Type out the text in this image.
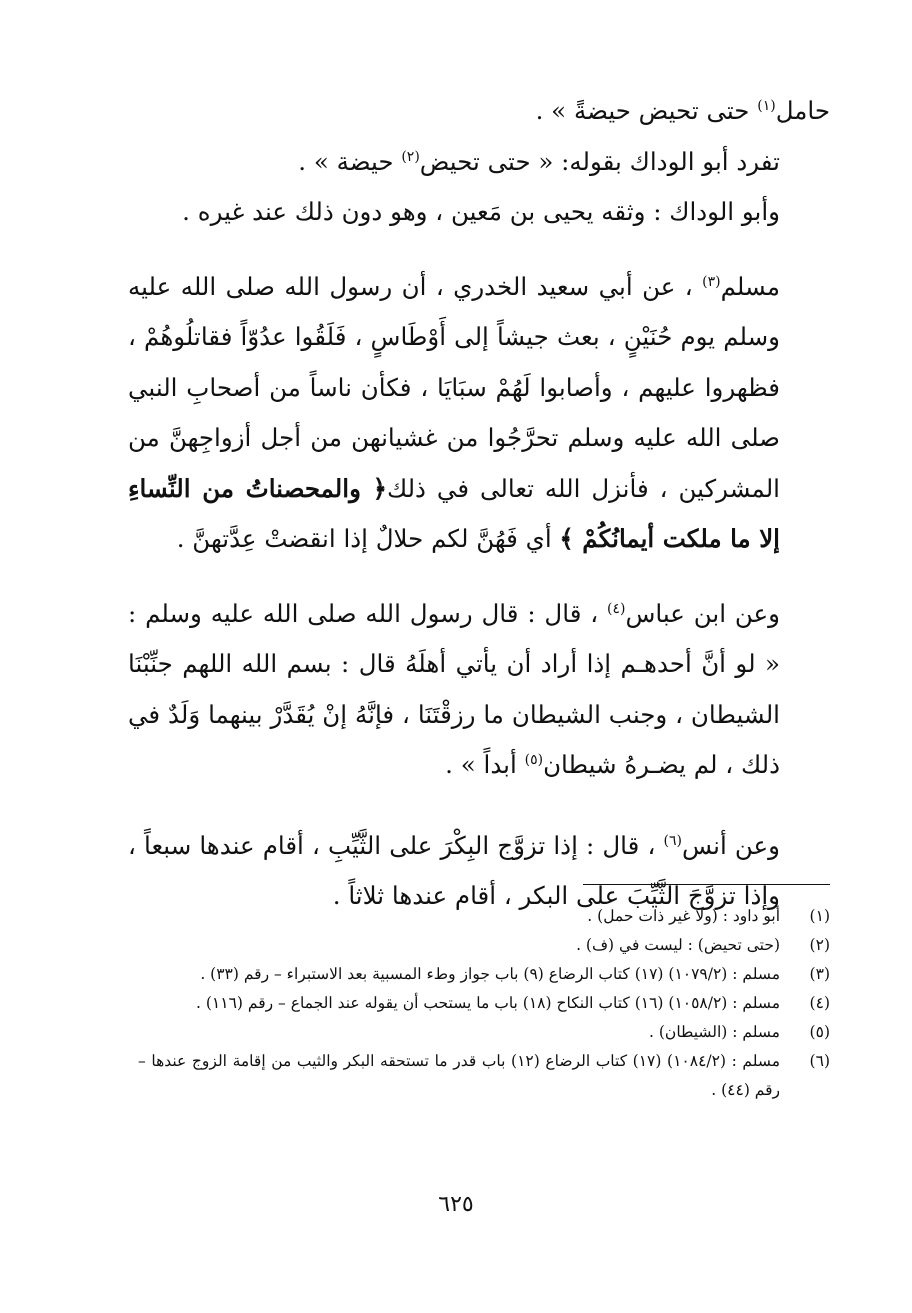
حامل$^{(١)}$ حتى تحيض حيضةً » .

تفرد أبو الوداك بقوله: « حتى تحيض$^{(٢)}$ حيضة » .

وأبو الوداك : وثقه يحيى بن مَعين ، وهو دون ذلك عند غيره .

مسلم$^{(٣)}$ ، عن أبي سعيد الخدري ، أن رسول الله صلى الله عليه وسلم يوم حُنَيْنٍ ، بعث جيشاً إلى أَوْطَاسٍ ، فَلَقُوا عدُوّاً فقاتلُوهُمْ ، فظهروا عليهم ، وأصابوا لَهُمْ سبَايَا ، فكأن ناساً من أصحابِ النبي صلى الله عليه وسلم تحرَّجُوا من غشيانهن من أجل أزواجِهنَّ من المشركين ، فأنزل الله تعالى في ذلك﴿ والمحصناتُ من النِّساءِ إلا ما ملكت أيمانُكُمْ ﴾ أي فَهُنَّ لكم حلالٌ إذا انقضتْ عِدَّتهنَّ .

وعن ابن عباس$^{(٤)}$ ، قال : قال رسول الله صلى الله عليه وسلم : « لو أنَّ أحدهـم إذا أراد أن يأتي أهلَهُ قال : بسم الله اللهم جنِّبْنَا الشيطان ، وجنب الشيطان ما رزقْتَنَا ، فإنَّهُ إنْ يُقَدَّرْ بينهما وَلَدٌ في ذلك ، لم يضـرهُ شيطان$^{(٥)}$ أبداً » .

وعن أنس$^{(٦)}$ ، قال : إذا تزوَّج البِكْرَ على الثَّيِّبِ ، أقام عندها سبعاً ، وإذا تزوَّجَ الثَّيِّبَ على البكر ، أقام عندها ثلاثاً .

(١)
أبو داود : (ولا غير ذات حمل) .
(٢)
(حتى تحيض) : ليست في (ف) .
(٣)
مسلم : (١٠٧٩/٢) (١٧) كتاب الرضاع (٩) باب جواز وطء المسبية بعد الاستبراء – رقم (٣٣) .
(٤)
مسلم : (١٠٥٨/٢) (١٦) كتاب النكاح (١٨) باب ما يستحب أن يقوله عند الجماع – رقم (١١٦) .
(٥)
مسلم : (الشيطان) .
(٦)
مسلم : (١٠٨٤/٢) (١٧) كتاب الرضاع (١٢) باب قدر ما تستحقه البكر والثيب من إقامة الزوج عندها – رقم (٤٤) .
٦٢٥
